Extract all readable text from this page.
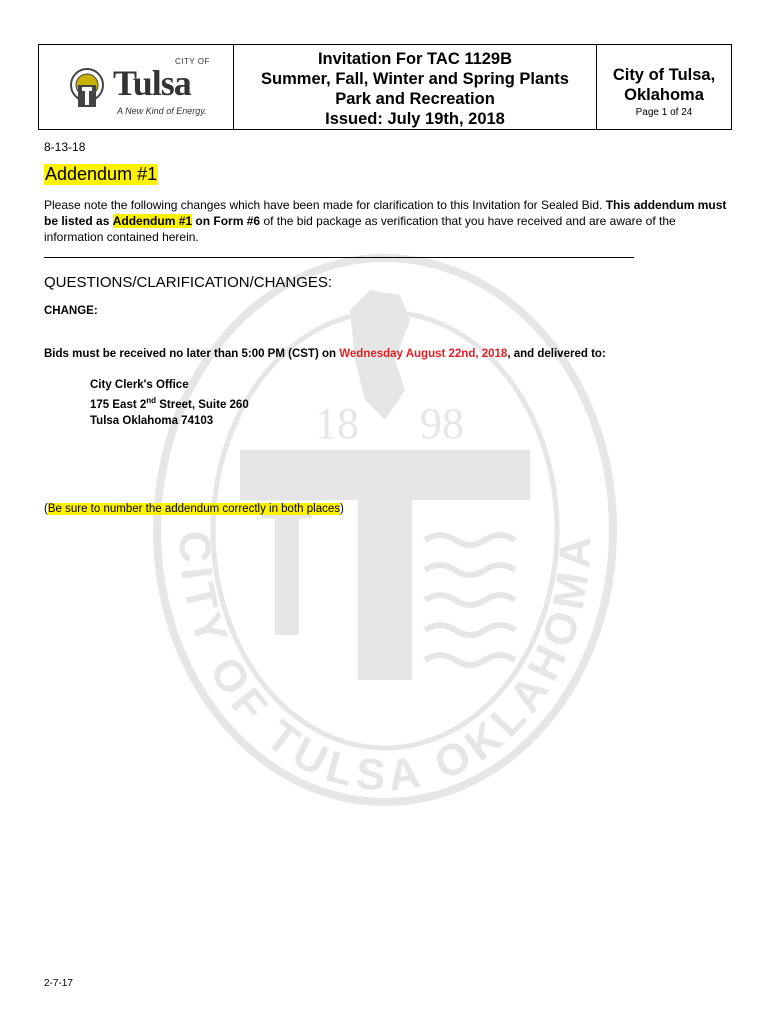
18 98
CITY OF TULSA OKLAHOMA
CITY OF
Tulsa
A New Kind of Energy.
Invitation For TAC 1129B
Summer, Fall, Winter and Spring Plants
Park and Recreation
Issued: July 19th, 2018
City of Tulsa,
Oklahoma
Page 1 of 24
8-13-18
Addendum #1
Please note the following changes which have been made for clarification to this Invitation for Sealed Bid. This addendum must be listed as Addendum #1 on Form #6 of the bid package as verification that you have received and are aware of the information contained herein.
QUESTIONS/CLARIFICATION/CHANGES:
CHANGE:
Bids must be received no later than 5:00 PM (CST) on Wednesday August 22nd, 2018, and delivered to:
City Clerk's Office
175 East 2nd Street, Suite 260
Tulsa Oklahoma 74103
(Be sure to number the addendum correctly in both places)
2-7-17
